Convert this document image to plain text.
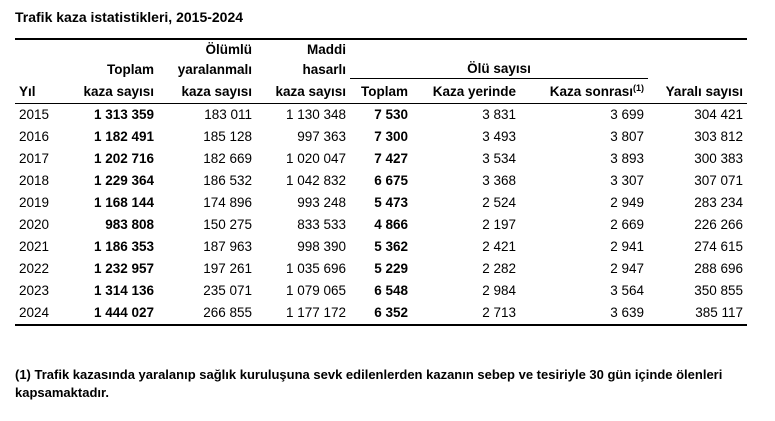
Trafik kaza istatistikleri, 2015-2024
		Ölümlü	Maddi				
	Toplam	yaralanmalı	hasarlı	Ölü sayısı			
Yıl	kaza sayısı	kaza sayısı	kaza sayısı	Toplam	Kaza yerinde	Kaza sonrası$^{(1)}$	Yaralı sayısı
2015	1 313 359	183 011	1 130 348	7 530	3 831	3 699	304 421
2016	1 182 491	185 128	997 363	7 300	3 493	3 807	303 812
2017	1 202 716	182 669	1 020 047	7 427	3 534	3 893	300 383
2018	1 229 364	186 532	1 042 832	6 675	3 368	3 307	307 071
2019	1 168 144	174 896	993 248	5 473	2 524	2 949	283 234
2020	983 808	150 275	833 533	4 866	2 197	2 669	226 266
2021	1 186 353	187 963	998 390	5 362	2 421	2 941	274 615
2022	1 232 957	197 261	1 035 696	5 229	2 282	2 947	288 696
2023	1 314 136	235 071	1 079 065	6 548	2 984	3 564	350 855
2024	1 444 027	266 855	1 177 172	6 352	2 713	3 639	385 117
(1) Trafik kazasında yaralanıp sağlık kuruluşuna sevk edilenlerden kazanın sebep ve tesiriyle 30 gün içinde ölenleri kapsamaktadır.
